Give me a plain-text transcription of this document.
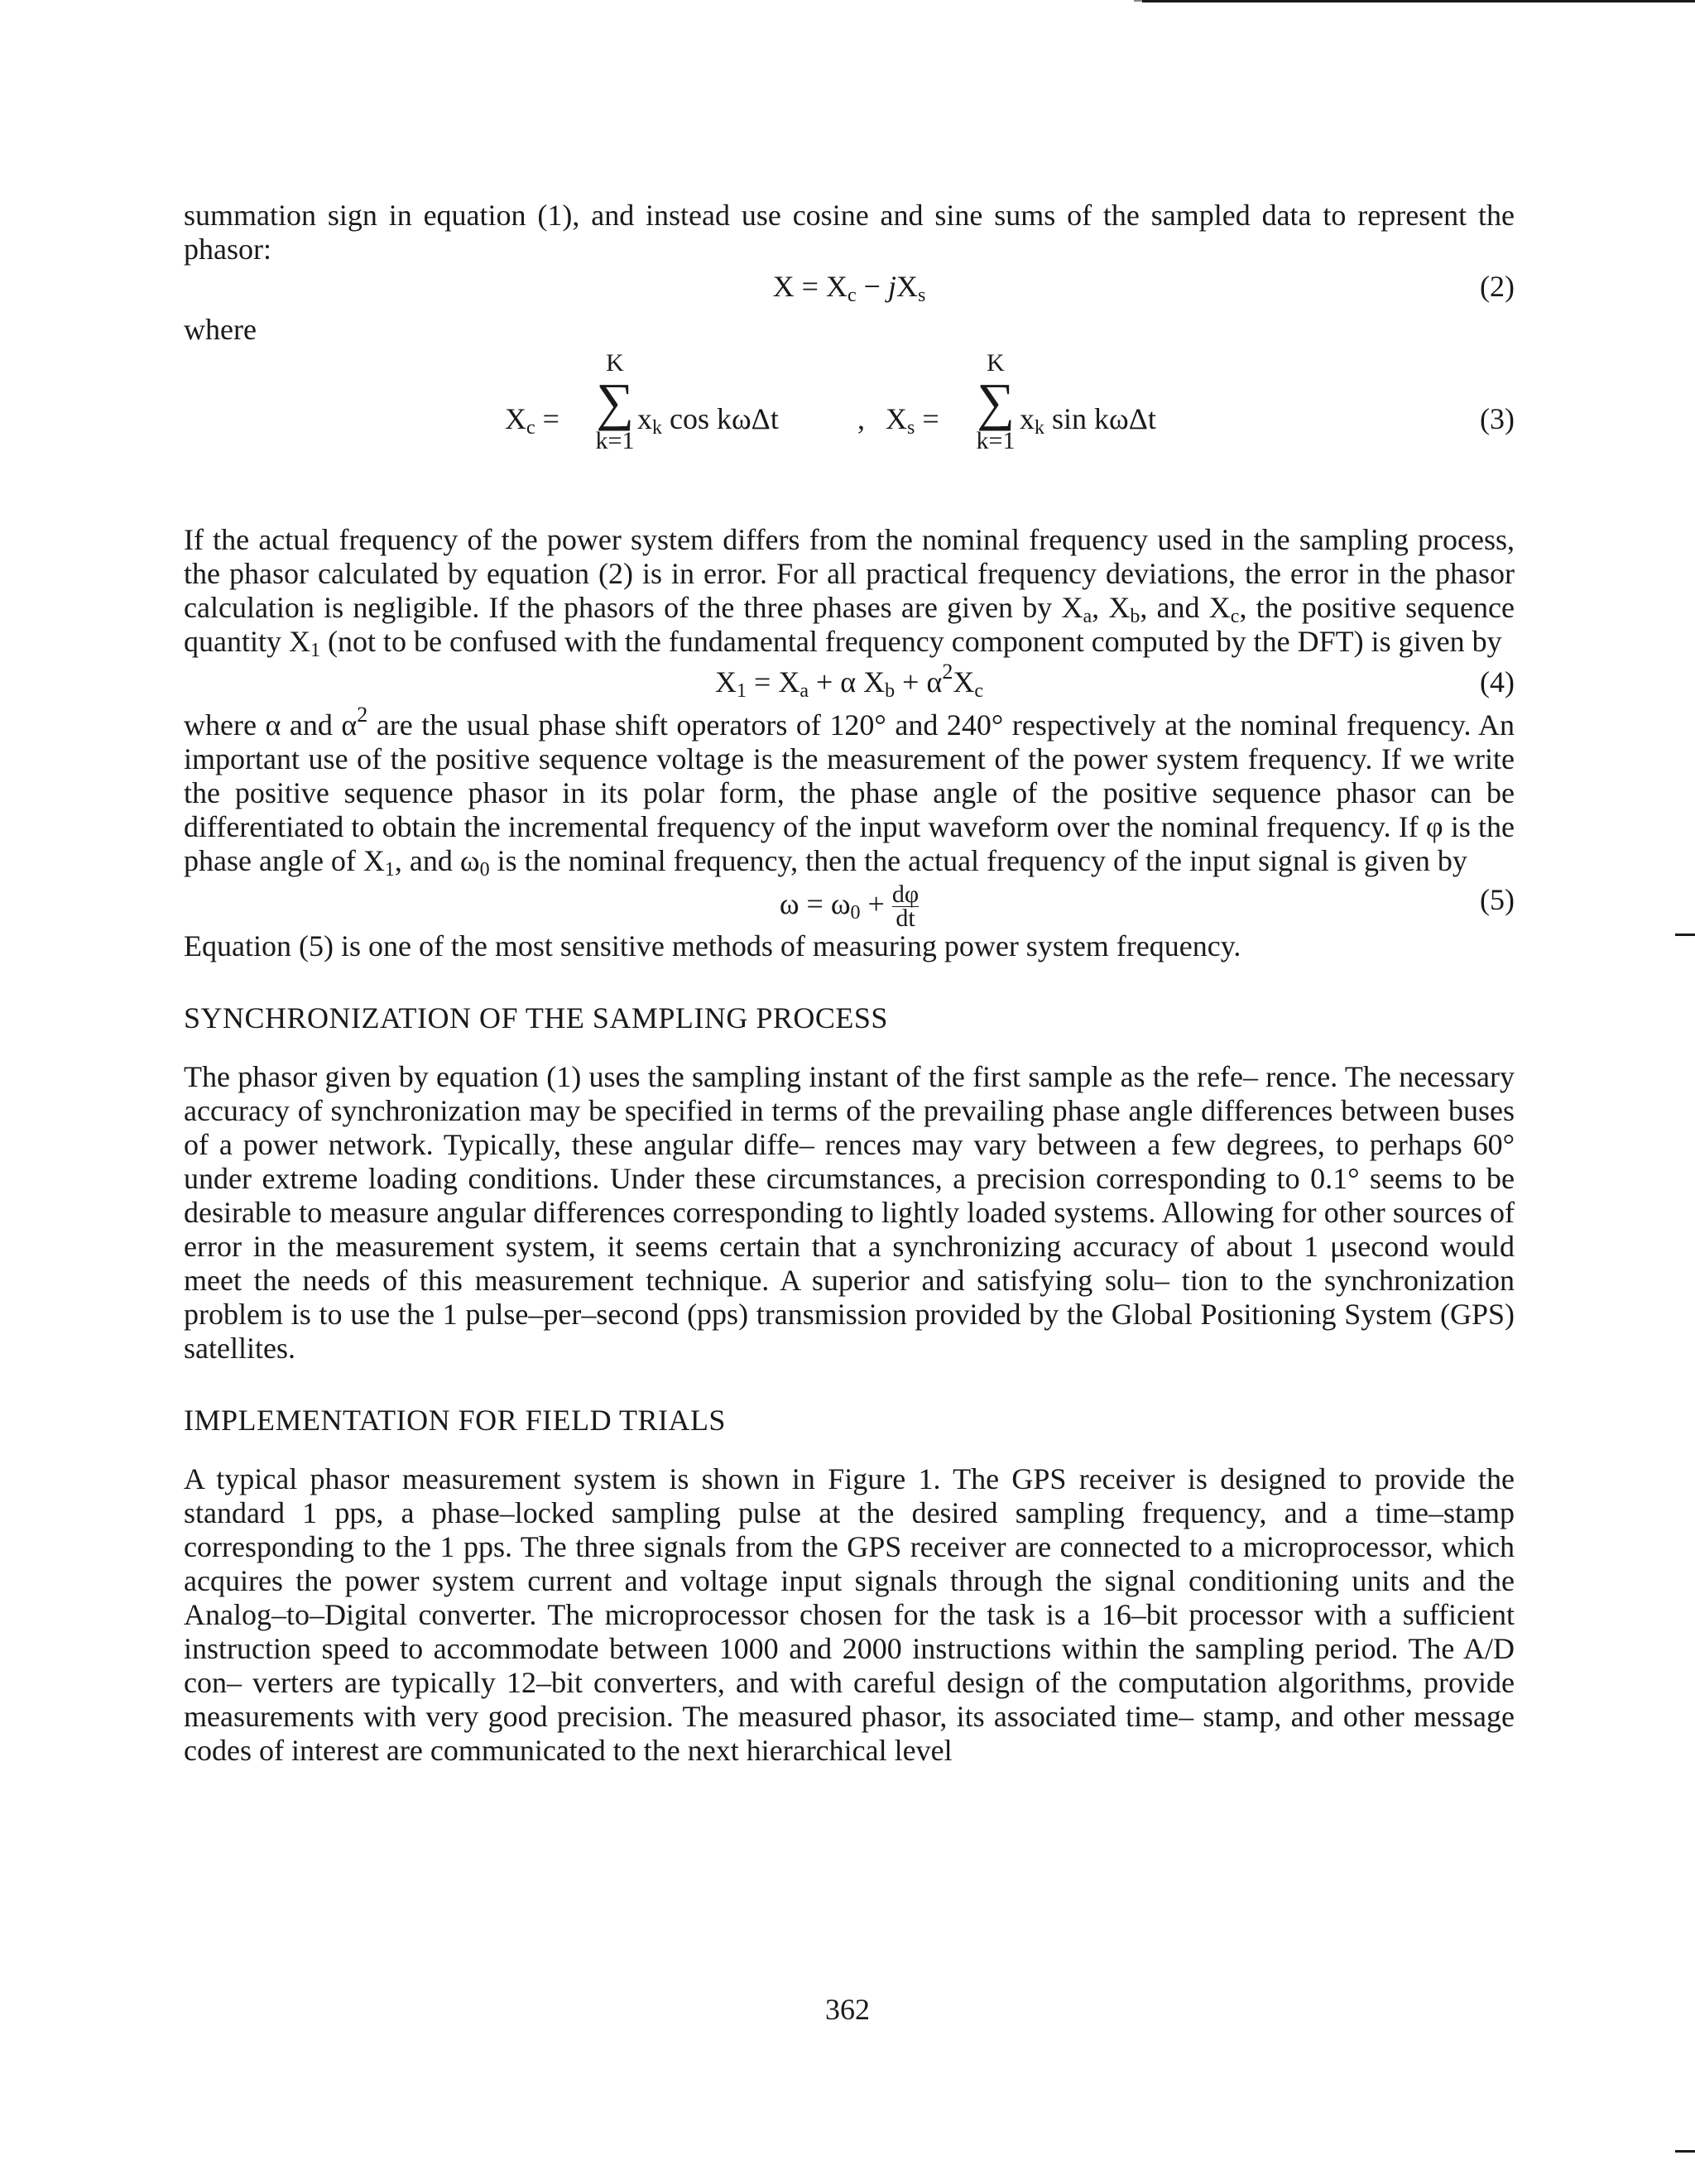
summation sign in equation (1), and instead use cosine and sine sums of the sampled data to represent the phasor:

$X = X_c - jX_s$	(2)
where
$X_c$ =
K
∑
k=1
$x_k$ cos kωΔt	, $X_s$ =
K
∑
k=1
$x_k$ sin kωΔt	(3)

If the actual frequency of the power system differs from the nominal frequency used in the sampling process, the phasor calculated by equation (2) is in error. For all practical frequency deviations, the error in the phasor calculation is negligible. If the phasors of the three phases are given by $X_a$, $X_b$, and $X_c$, the positive sequence quantity $X_1$ (not to be confused with the fundamental frequency component computed by the DFT) is given by

$X_1 = X_a + \alpha$ $X_b + \alpha^2X_c$	(4)

where α and $\alpha^2$ are the usual phase shift operators of 120° and 240° respectively at the nominal frequency. An important use of the positive sequence voltage is the measurement of the power system frequency. If we write the positive sequence phasor in its polar form, the phase angle of the positive sequence phasor can be differentiated to obtain the incremental frequency of the input waveform over the nominal frequency. If φ is the phase angle of $X_1$, and $\omega_0$ is the nominal frequency, then the actual frequency of the input signal is given by

$\omega = \omega_0 + \frac{d\varphi}{dt}$	(5)

Equation (5) is one of the most sensitive methods of measuring power system frequency.

SYNCHRONIZATION OF THE SAMPLING PROCESS

The phasor given by equation (1) uses the sampling instant of the first sample as the refe– rence. The necessary accuracy of synchronization may be specified in terms of the prevailing phase angle differences between buses of a power network. Typically, these angular diffe– rences may vary between a few degrees, to perhaps 60° under extreme loading conditions. Under these circumstances, a precision corresponding to 0.1° seems to be desirable to measure angular differences corresponding to lightly loaded systems. Allowing for other sources of error in the measurement system, it seems certain that a synchronizing accuracy of about 1 μsecond would meet the needs of this measurement technique. A superior and satisfying solu– tion to the synchronization problem is to use the 1 pulse–per–second (pps) transmission provided by the Global Positioning System (GPS) satellites.

IMPLEMENTATION FOR FIELD TRIALS

A typical phasor measurement system is shown in Figure 1. The GPS receiver is designed to provide the standard 1 pps, a phase–locked sampling pulse at the desired sampling frequency, and a time–stamp corresponding to the 1 pps. The three signals from the GPS receiver are connected to a microprocessor, which acquires the power system current and voltage input signals through the signal conditioning units and the Analog–to–Digital converter. The microprocessor chosen for the task is a 16–bit processor with a sufficient instruction speed to accommodate between 1000 and 2000 instructions within the sampling period. The A/D con– verters are typically 12–bit converters, and with careful design of the computation algorithms, provide measurements with very good precision. The measured phasor, its associated time– stamp, and other message codes of interest are communicated to the next hierarchical level

362
